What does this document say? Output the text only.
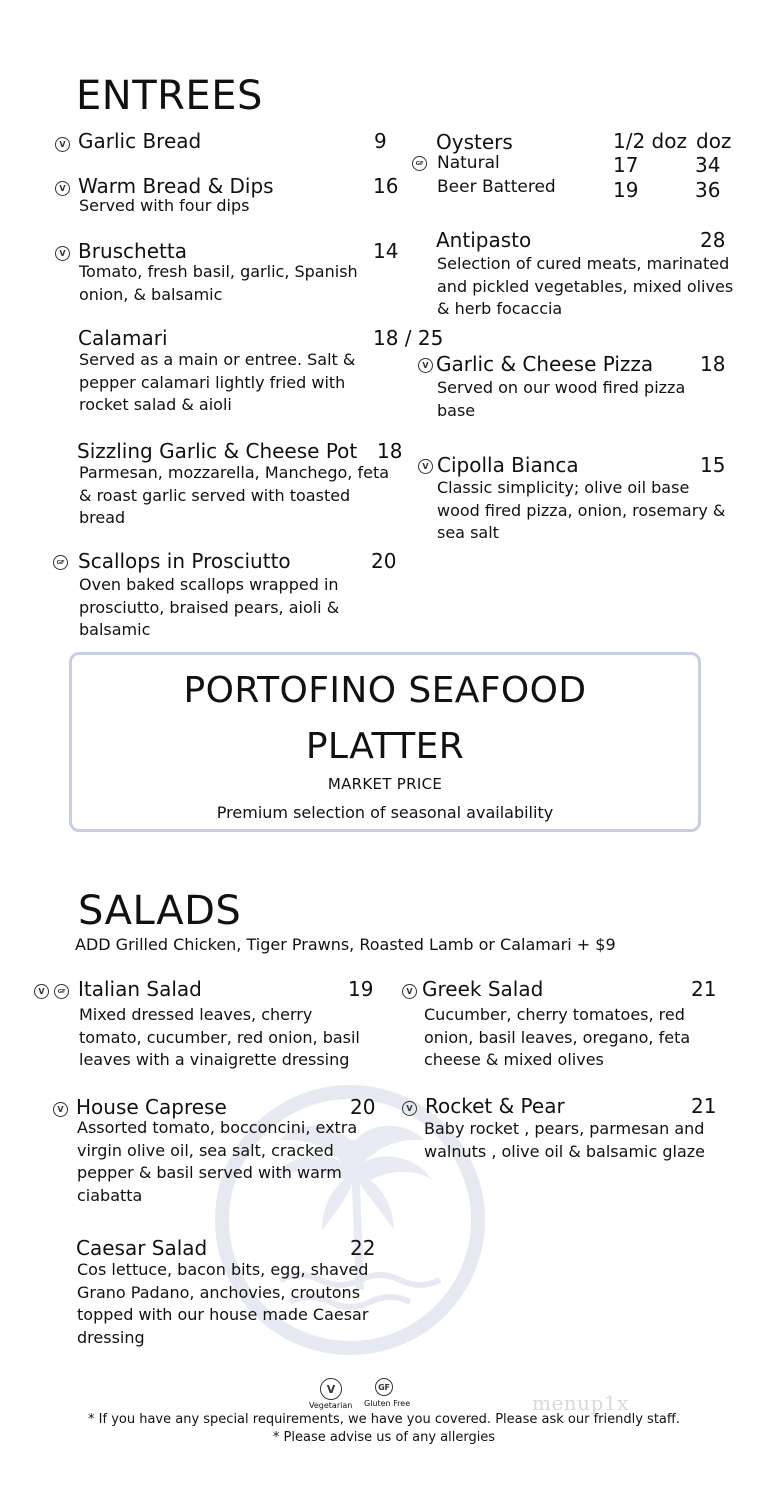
ENTREES
V Garlic Bread	9
V Warm Bread & Dips	16
Served with four dips
V Bruschetta	14
Tomato, fresh basil, garlic, Spanish onion, & balsamic
Calamari	18 / 25
Served as a main or entree. Salt & pepper calamari lightly fried with rocket salad & aioli
Sizzling Garlic & Cheese Pot 18
Parmesan, mozzarella, Manchego, feta & roast garlic served with toasted bread
GF Scallops in Prosciutto	20
Oven baked scallops wrapped in prosciutto, braised pears, aioli & balsamic
Oysters	1/2 doz doz
GF Natural	17	34
Beer Battered	19	36
Antipasto	28
Selection of cured meats, marinated and pickled vegetables, mixed olives & herb focaccia
V Garlic & Cheese Pizza 18
Served on our wood fired pizza base
V Cipolla Bianca	15
Classic simplicity; olive oil base wood fired pizza, onion, rosemary & sea salt
PORTOFINO SEAFOOD
PLATTER
MARKET PRICE
Premium selection of seasonal availability
SALADS
ADD Grilled Chicken, Tiger Prawns, Roasted Lamb or Calamari + $9
V	GF Italian Salad	19
Mixed dressed leaves, cherry tomato, cucumber, red onion, basil leaves with a vinaigrette dressing
V Greek Salad	21
Cucumber, cherry tomatoes, red onion, basil leaves, oregano, feta cheese & mixed olives
V House Caprese	20
Assorted tomato, bocconcini, extra virgin olive oil, sea salt, cracked pepper & basil served with warm ciabatta
V Rocket & Pear	21
Baby rocket , pears, parmesan and walnuts , olive oil & balsamic glaze
Caesar Salad	22
Cos lettuce, bacon bits, egg, shaved Grano Padano, anchovies, croutons topped with our house made Caesar dressing
V
Vegetarian
GF
Gluten Free	menup1x
* If you have any special requirements, we have you covered. Please ask our friendly staff.
* Please advise us of any allergies
